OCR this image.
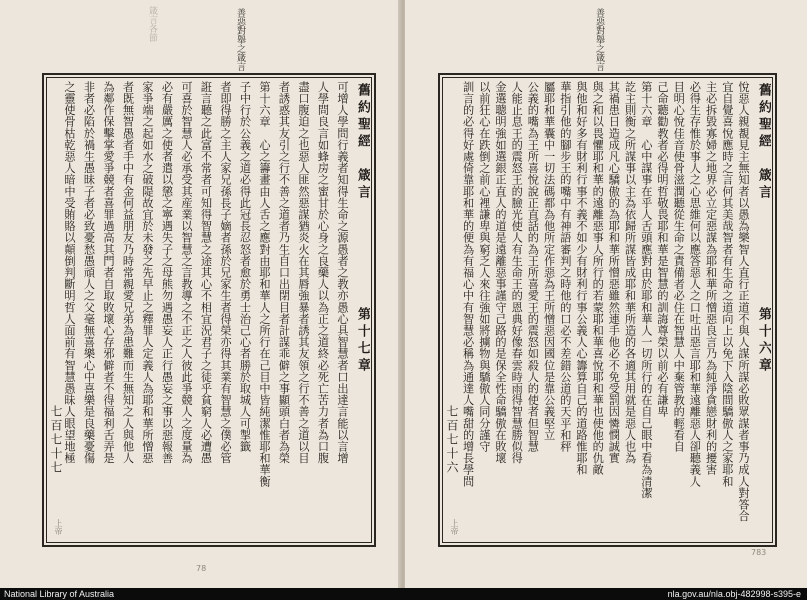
箴言各節	善惡對舉之箴言
78
舊約聖經　箴言
第十七章
可增人學問行義者知得生命之源愚者之教亦愚心具智慧者口出達言能以言增
人學問良言如蜂房之蜜甘於心身之良藥人以為正之道終必死亡苦力者為口腹
盡口腹迫之也惡人匪然惡謀猶炎火在其脣強暴者誘其友領之行不善之道以目
者誘惑其友引之行不善之道者乃生自口出閉目者計謀乖僻之事顯頭白者為榮
第十六章　心之籌畫由人舌之應對由耶和華人之所行在己目中皆純潔惟耶和華衡
子中行於公義之道必得此冠長忍怒者愈於勇士治己心者勝於取城人可掣籤
者即得勝之主人家兄孫長子嫡者孫於兄家生者得榮亦得其業有智慧之僕必管
誑言聽之此富不常者可知得智慧之途其心不相宜況君子之徒乎貧窮人必遭愚
可喜於智慧人必承受其産業以智慧之言教導之不正之人彼此爭競人之度量為
必有嚴厲之使者遣以懲之寧遇失子之母熊勿遇愚妄人正行愚妄之事以惡報善
家爭端之起如水之破隄故宜於未發之先早止之釋罪人定義人為耶和華所憎惡
者既無智愚者手中有金何益朋友乃時常親愛兄弟為患難而生無知之人與他人
為鄰作保擊掌愛爭競者喜罪過高其門者自取敗壞心存邪僻者不得福利舌弄是
非者必陷於禍生愚昧子者必致憂愁愚頑人之父毫無喜樂心中喜樂是良藥憂傷
之靈使骨枯乾惡人暗中受賄賂以顛倒判斷明哲人面前有智慧愚昧人眼望地極
七百七十七
上帝
善惡對舉之箴言
783
舊約聖經　箴言
第十六章
悅惡人親覩見主無知者以愚為樂智人直行正道不與人謀所謀必敗眾謀者事乃成人對答合
宜自覺喜悅應時之言何其美哉智者有生命之道向上以免下入陰間驕傲人之家耶和
主必拆毀寡婦之地界必立定惡謀為耶和華所憎惡良言乃為純淨貪戀財利的擾害
必得生存惟於事人之心思維何以應答惡人之口吐出惡言耶和華遠離惡人卻聽義人
目明心悅佳音使骨滋潤聽從生命之責備者必住在智慧人中棄管教的輕看自
己命聽勸教者必得明哲敬畏耶和華是智慧的訓誨尊榮以前必有謙卑
第十六章　心中謀事在乎人舌頭應對由於耶和華人一切所行的在自己眼中看為清潔
訖主則衡之所謀事以主為依歸所謀皆成耶和華所造的各適其用就是惡人也為
其禍患日造成凡心驕傲的為耶和華所憎惡雖然連手他必不免受罰因憐憫誠實
與之和以畏懼耶和華的遠離惡事人所行的若蒙耶和華喜悅耶和華也使他的仇敵
與他和好多有財利行事不義不如少有財利行事公義人心籌算自己的道路惟耶和
華指引他的腳步王的嘴中有神語審判之時他的口必不差錯公道的天平和秤
屬耶和華囊中一切法碼都為他所定作惡為王所憎惡因國位是靠公義堅立
公義的嘴為王所喜悅說正直話的為王所喜愛王的震怒如殺人的使者但智慧
人能止息王的震怒王的臉光使人有生命王的恩典好像春雲時雨得智慧勝似得
金選聰明強如選銀正直人的道是遠離惡事謹守己路的是保全性命驕傲在敗壞
以前狂心在跌倒之前心裡謙卑與窮乏人來往強如將擄物與驕傲人同分謹守
訓言的必得好處倚靠耶和華的便為有福心中有智慧必稱為通達人嘴甜的增長學問
七百七十六
上帝
National Library of Australia	nla.gov.au/nla.obj-482998-s395-e
